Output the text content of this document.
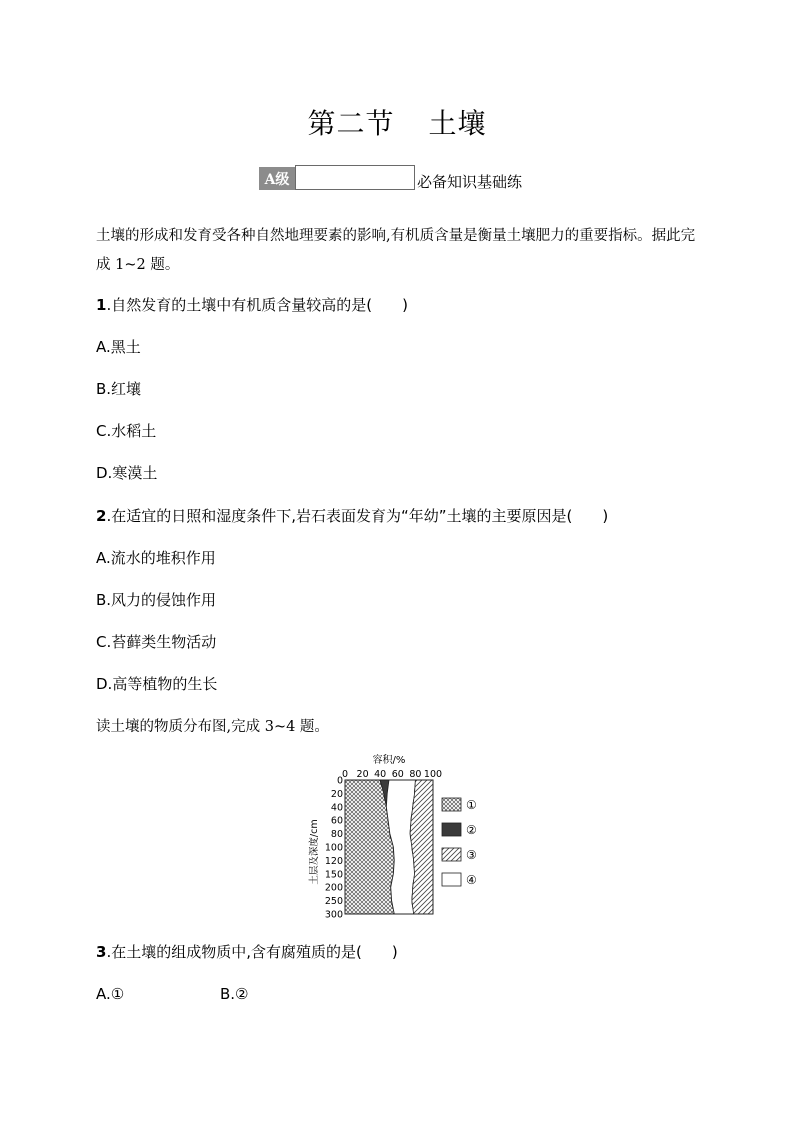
第二节 土壤
A级	必备知识基础练
土壤的形成和发育受各种自然地理要素的影响,有机质含量是衡量土壤肥力的重要指标。据此完成 1~2 题。
1.自然发育的土壤中有机质含量较高的是( )
A.黑土
B.红壤
C.水稻土
D.寒漠土
2.在适宜的日照和湿度条件下,岩石表面发育为“年幼”土壤的主要原因是( )
A.流水的堆积作用
B.风力的侵蚀作用
C.苔藓类生物活动
D.高等植物的生长
读土壤的物质分布图,完成 3~4 题。
容积/%
0 20 40 60 80 100
0
20
40
60
80
100
120
150
200
250
300
土层及深度/cm
①
②
③
④
3.在土壤的组成物质中,含有腐殖质的是( )
A.①	B.②
